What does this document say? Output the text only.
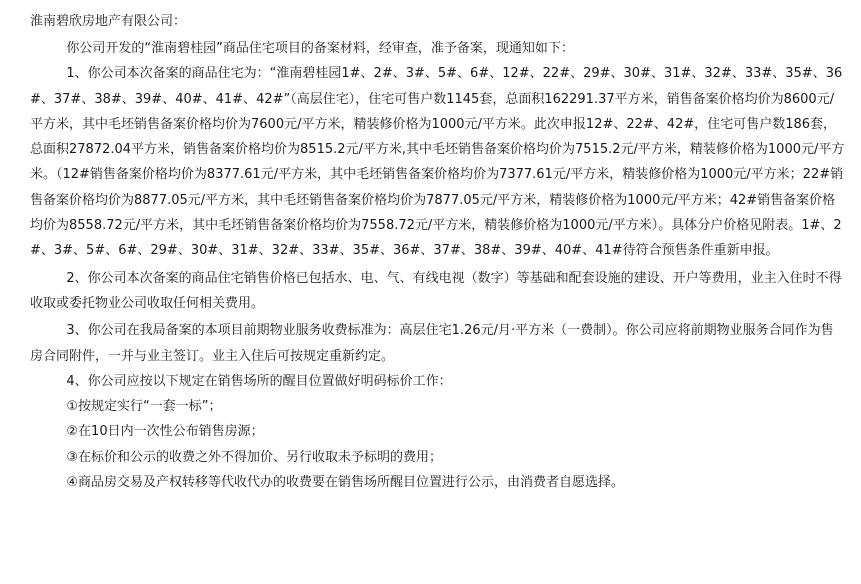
淮南碧欣房地产有限公司：

你公司开发的“淮南碧桂园”商品住宅项目的备案材料，经审查，准予备案，现通知如下：

1、你公司本次备案的商品住宅为：“淮南碧桂园1#、2#、3#、5#、6#、12#、22#、29#、30#、31#、32#、33#、35#、36#、37#、38#、39#、40#、41#、42#”（高层住宅），住宅可售户数1145套，总面积162291.37平方米，销售备案价格均价为8600元/平方米，其中毛坯销售备案价格均价为7600元/平方米，精装修价格为1000元/平方米。此次申报12#、22#、42#，住宅可售户数186套，总面积27872.04平方米，销售备案价格均价为8515.2元/平方米,其中毛坯销售备案价格均价为7515.2元/平方米，精装修价格为1000元/平方米。（12#销售备案价格均价为8377.61元/平方米，其中毛坯销售备案价格均价为7377.61元/平方米，精装修价格为1000元/平方米；22#销售备案价格均价为8877.05元/平方米，其中毛坯销售备案价格均价为7877.05元/平方米，精装修价格为1000元/平方米；42#销售备案价格均价为8558.72元/平方米，其中毛坯销售备案价格均价为7558.72元/平方米，精装修价格为1000元/平方米）。具体分户价格见附表。1#、2#、3#、5#、6#、29#、30#、31#、32#、33#、35#、36#、37#、38#、39#、40#、41#待符合预售条件重新申报。

2、你公司本次备案的商品住宅销售价格已包括水、电、气、有线电视（数字）等基础和配套设施的建设、开户等费用，业主入住时不得收取或委托物业公司收取任何相关费用。

3、你公司在我局备案的本项目前期物业服务收费标准为：高层住宅1.26元/月·平方米（一费制）。你公司应将前期物业服务合同作为售房合同附件，一并与业主签订。业主入住后可按规定重新约定。

4、你公司应按以下规定在销售场所的醒目位置做好明码标价工作：

①按规定实行“一套一标”；

②在10日内一次性公布销售房源；

③在标价和公示的收费之外不得加价、另行收取未予标明的费用；

④商品房交易及产权转移等代收代办的收费要在销售场所醒目位置进行公示，由消费者自愿选择。
